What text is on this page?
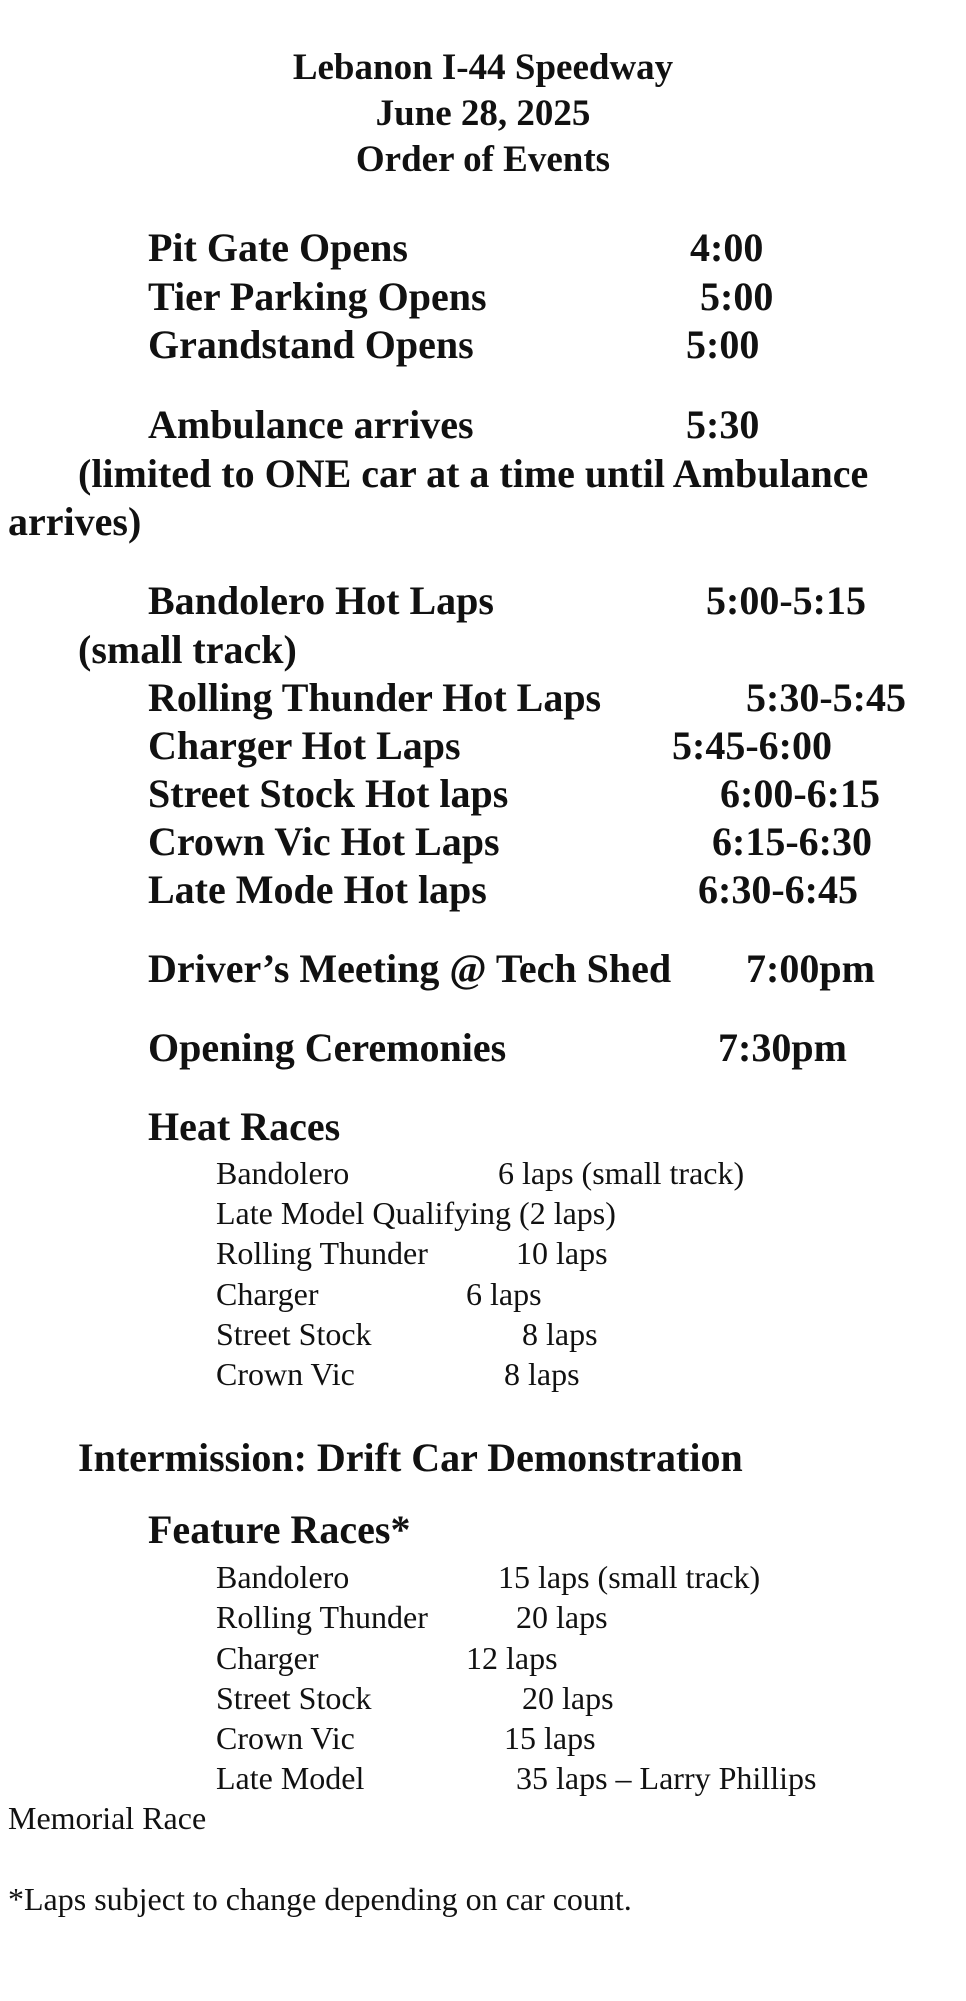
Lebanon I-44 Speedway
June 28, 2025
Order of Events
Pit Gate Opens	4:00
Tier Parking Opens	5:00
Grandstand Opens	5:00
Ambulance arrives	5:30
(limited to ONE car at a time until Ambulance
arrives)
Bandolero Hot Laps	5:00-5:15
(small track)
Rolling Thunder Hot Laps	5:30-5:45
Charger Hot Laps	5:45-6:00
Street Stock Hot laps	6:00-6:15
Crown Vic Hot Laps	6:15-6:30
Late Mode Hot laps	6:30-6:45
Driver’s Meeting @ Tech Shed 7:00pm
Opening Ceremonies	7:30pm
Heat Races
Bandolero	6 laps (small track)
Late Model Qualifying (2 laps)
Rolling Thunder	10 laps
Charger	6 laps
Street Stock	8 laps
Crown Vic	8 laps
Intermission: Drift Car Demonstration
Feature Races*
Bandolero	15 laps (small track)
Rolling Thunder	20 laps
Charger	12 laps
Street Stock	20 laps
Crown Vic	15 laps
Late Model	35 laps – Larry Phillips
Memorial Race
*Laps subject to change depending on car count.
